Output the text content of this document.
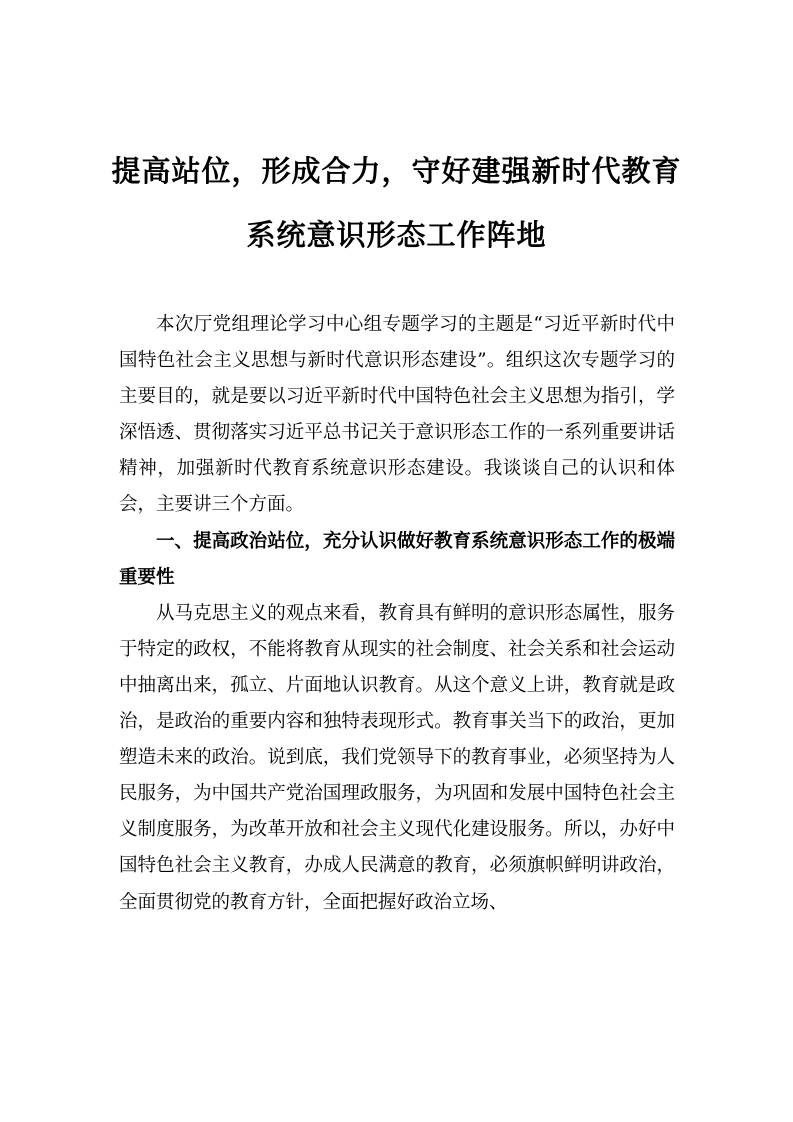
提高站位，形成合力，守好建强新时代教育
系统意识形态工作阵地

本次厅党组理论学习中心组专题学习的主题是“习近平新时代中国特色社会主义思想与新时代意识形态建设”。组织这次专题学习的主要目的，就是要以习近平新时代中国特色社会主义思想为指引，学深悟透、贯彻落实习近平总书记关于意识形态工作的一系列重要讲话精神，加强新时代教育系统意识形态建设。我谈谈自己的认识和体会，主要讲三个方面。

一、提高政治站位，充分认识做好教育系统意识形态工作的极端重要性

从马克思主义的观点来看，教育具有鲜明的意识形态属性，服务于特定的政权，不能将教育从现实的社会制度、社会关系和社会运动中抽离出来，孤立、片面地认识教育。从这个意义上讲，教育就是政治，是政治的重要内容和独特表现形式。教育事关当下的政治，更加塑造未来的政治。说到底，我们党领导下的教育事业，必须坚持为人民服务，为中国共产党治国理政服务，为巩固和发展中国特色社会主义制度服务，为改革开放和社会主义现代化建设服务。所以，办好中国特色社会主义教育，办成人民满意的教育，必须旗帜鲜明讲政治，全面贯彻党的教育方针，全面把握好政治立场、
